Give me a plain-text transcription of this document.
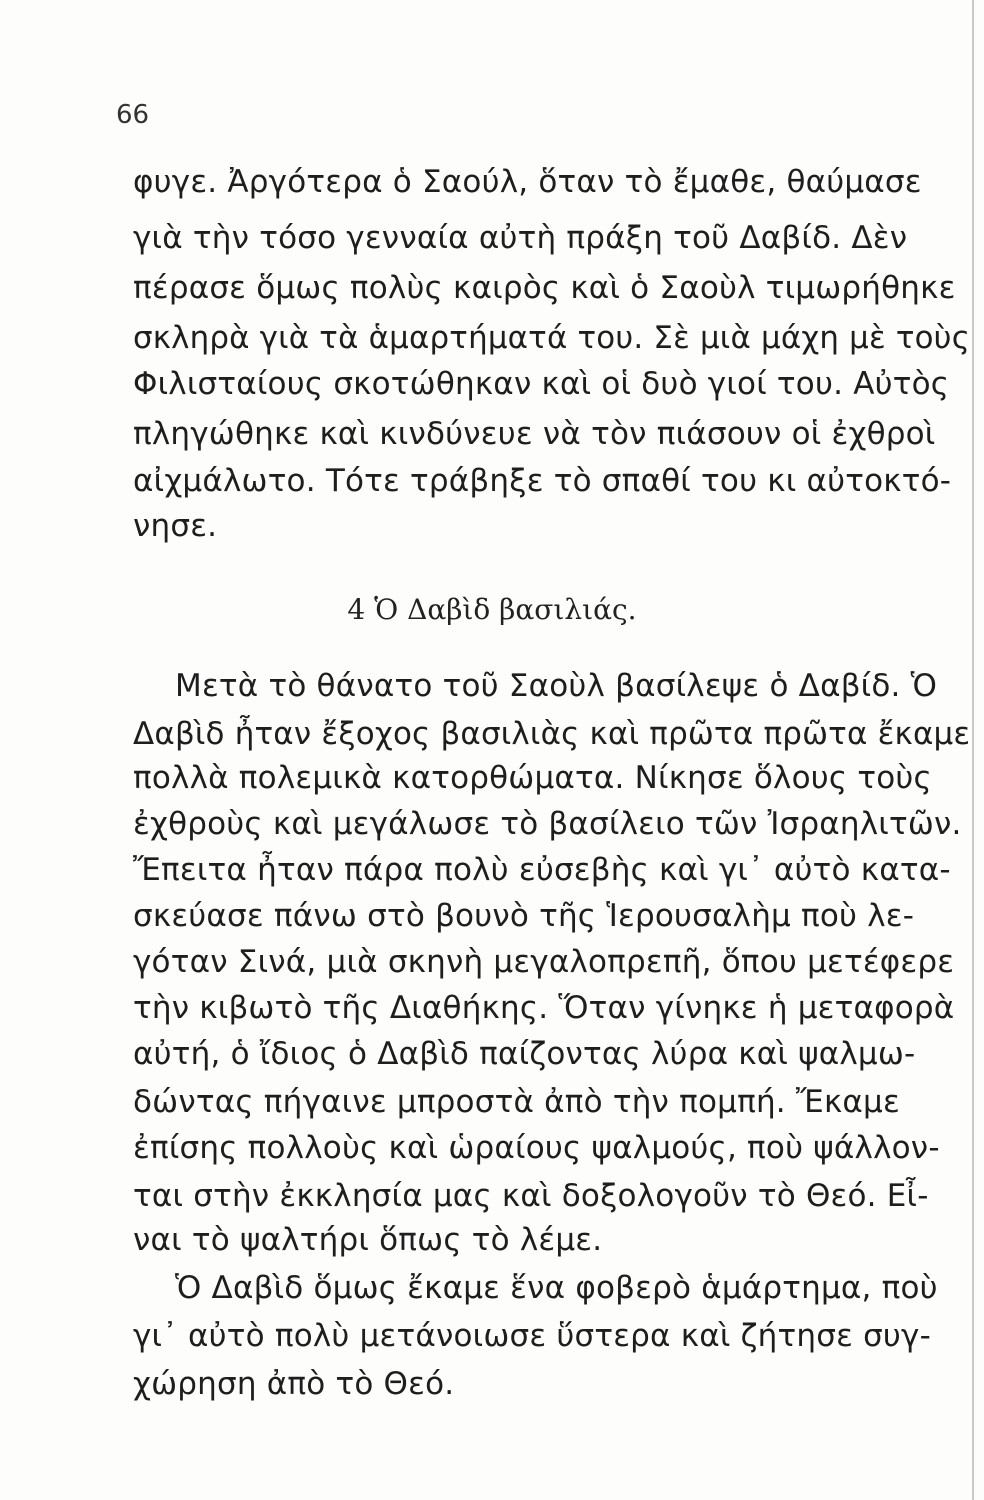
66
φυγε. Ἀργότερα ὁ Σαούλ, ὅταν τὸ ἔμαθε, θαύμασε
γιὰ τὴν τόσο γενναία αὐτὴ πράξη τοῦ Δαβίδ. Δὲν
πέρασε ὅμως πολὺς καιρὸς καὶ ὁ Σαοὺλ τιμωρήθηκε
σκληρὰ γιὰ τὰ ἁμαρτήματά του. Σὲ μιὰ μάχη μὲ τοὺς
Φιλισταίους σκοτώθηκαν καὶ οἱ δυὸ γιοί του. Αὐτὸς
πληγώθηκε καὶ κινδύνευε νὰ τὸν πιάσουν οἱ ἐχθροὶ
αἰχμάλωτο. Τότε τράβηξε τὸ σπαθί του κι αὐτοκτό-
νησε.
4 Ὁ Δαβὶδ βασιλιάς.
Μετὰ τὸ θάνατο τοῦ Σαοὺλ βασίλεψε ὁ Δαβίδ. Ὁ
Δαβὶδ ἦταν ἔξοχος βασιλιὰς καὶ πρῶτα πρῶτα ἔκαμε
πολλὰ πολεμικὰ κατορθώματα. Νίκησε ὅλους τοὺς
ἐχθροὺς καὶ μεγάλωσε τὸ βασίλειο τῶν Ἰσραηλιτῶν.
Ἔπειτα ἦταν πάρα πολὺ εὐσεβὴς καὶ γι᾽ αὐτὸ κατα-
σκεύασε πάνω στὸ βουνὸ τῆς Ἱερουσαλὴμ ποὺ λε-
γόταν Σινά, μιὰ σκηνὴ μεγαλοπρεπῆ, ὅπου μετέφερε
τὴν κιβωτὸ τῆς Διαθήκης. Ὅταν γίνηκε ἡ μεταφορὰ
αὐτή, ὁ ἴδιος ὁ Δαβὶδ παίζοντας λύρα καὶ ψαλμω-
δώντας πήγαινε μπροστὰ ἀπὸ τὴν πομπή. Ἔκαμε
ἐπίσης πολλοὺς καὶ ὡραίους ψαλμούς, ποὺ ψάλλον-
ται στὴν ἐκκλησία μας καὶ δοξολογοῦν τὸ Θεό. Εἶ-
ναι τὸ ψαλτήρι ὅπως τὸ λέμε.
Ὁ Δαβὶδ ὅμως ἔκαμε ἕνα φοβερὸ ἁμάρτημα, ποὺ
γι᾽ αὐτὸ πολὺ μετάνοιωσε ὕστερα καὶ ζήτησε συγ-
χώρηση ἀπὸ τὸ Θεό.
